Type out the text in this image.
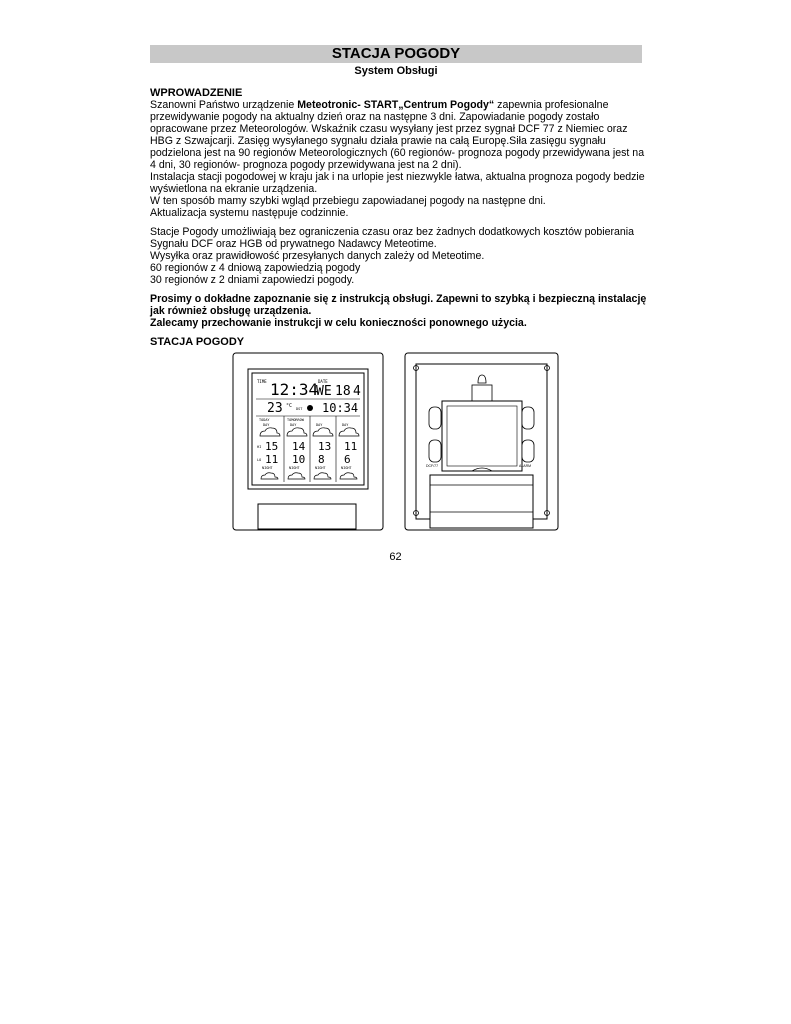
STACJA POGODY
System Obsługi

WPROWADZENIE

Szanowni Państwo urządzenie Meteotronic- START„Centrum Pogody“ zapewnia profesionalne

przewidywanie pogody na aktualny dzień oraz na następne 3 dni. Zapowiadanie pogody zostało

opracowane przez Meteorologów. Wskaźnik czasu wysyłany jest przez sygnał DCF 77 z Niemiec oraz

HBG z Szwajcarji. Zasięg wysyłanego sygnału działa prawie na całą Europę.Siła zasięgu sygnału

podzielona jest na 90 regionów Meteorologicznych (60 regionów- prognoza pogody przewidywana jest na

4 dni, 30 regionów- prognoza pogody przewidywana jest na 2 dni).

Instalacja stacji pogodowej w kraju jak i na urlopie jest niezwykle łatwa, aktualna prognoza pogody bedzie

wyświetlona na ekranie urządzenia.

W ten sposób mamy szybki wgląd przebiegu zapowiadanej pogody na następne dni.

Aktualizacja systemu następuje codzinnie.

Stacje Pogody umożliwiają bez ograniczenia czasu oraz bez żadnych dodatkowych kosztów pobierania

Sygnału DCF oraz HGB od prywatnego Nadawcy Meteotime.

Wysyłka oraz prawidłowość przesyłanych danych zależy od Meteotime.

60 regionów z 4 dniową zapowiedzią pogody

30 regionów z 2 dniami zapowiedzi pogody.

Prosimy o dokładne zapoznanie się z instrukcją obsługi. Zapewni to szybką i bezpieczną instalację

jak również obsługę urządzenia.

Zalecamy przechowanie instrukcji w celu konieczności ponownego użycia.

STACJA POGODY
TIME 12:34 DATE
WE 18 4
23 °C DST 10:34
TODAY	TOMORROW
DAY	DAY	DAY	DAY
HI
LO
15 14 13 11
11 10 8 6
NIGHT	NIGHT	NIGHT	NIGHT	DCF/77	ALARM
62
